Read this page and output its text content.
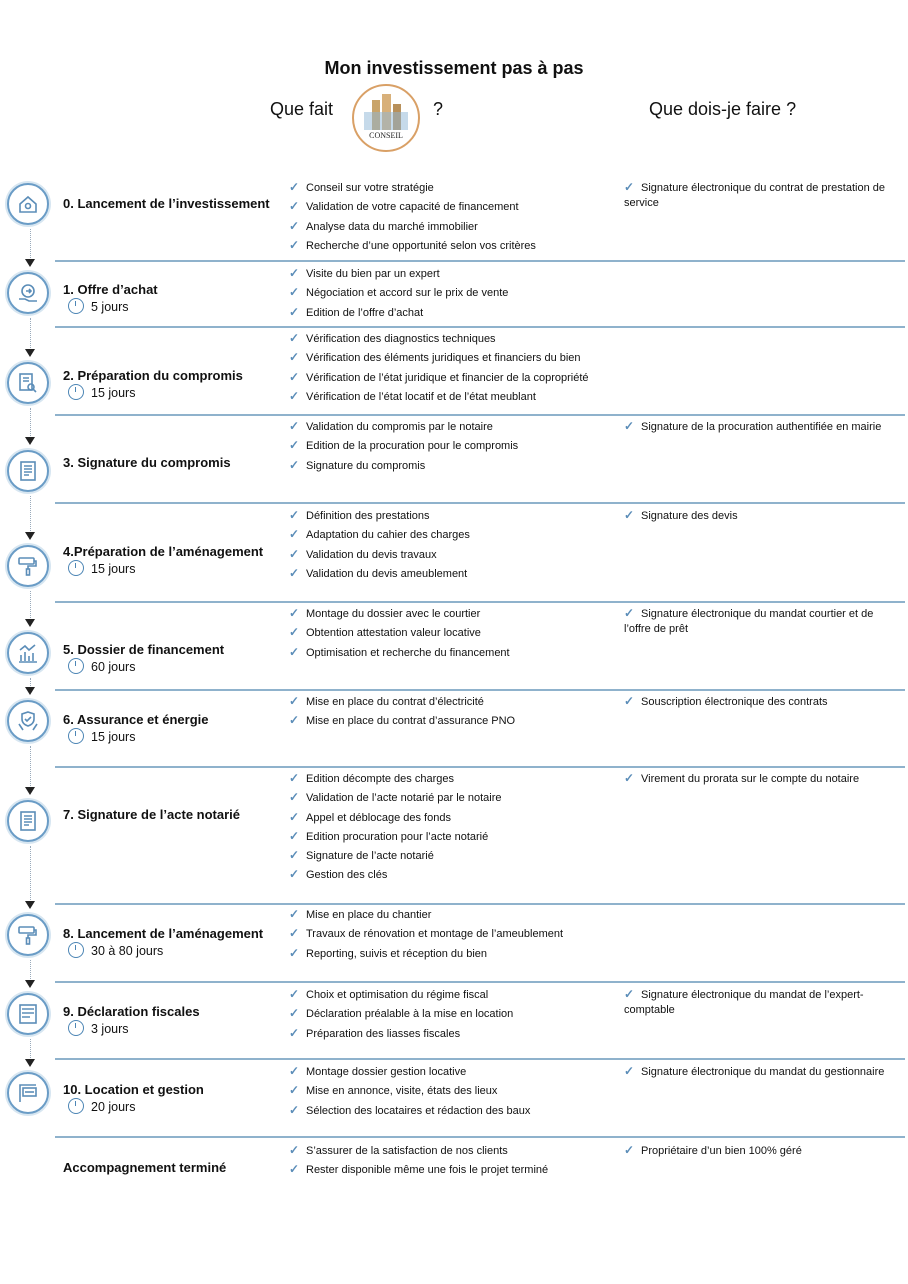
Mon investissement pas à pas
Que fait
CONSEIL
?	Que dois-je faire ?
0. Lancement de l’investissement
✓ Conseil sur votre stratégie
✓ Validation de votre capacité de financement
✓ Analyse data du marché immobilier
✓ Recherche d’une opportunité selon vos critères
✓ Signature électronique du contrat de prestation de service
1. Offre d’achat
5 jours
✓ Visite du bien par un expert
✓ Négociation et accord sur le prix de vente
✓ Edition de l’offre d’achat
2. Préparation du compromis
15 jours
✓ Vérification des diagnostics techniques
✓ Vérification des éléments juridiques et financiers du bien
✓ Vérification de l’état juridique et financier de la copropriété
✓ Vérification de l’état locatif et de l’état meublant
3. Signature du compromis
✓ Validation du compromis par le notaire
✓ Edition de la procuration pour le compromis
✓ Signature du compromis
✓ Signature de la procuration authentifiée en mairie
4.Préparation de l’aménagement
15 jours
✓ Définition des prestations
✓ Adaptation du cahier des charges
✓ Validation du devis travaux
✓ Validation du devis ameublement
✓ Signature des devis
5. Dossier de financement
60 jours
✓ Montage du dossier avec le courtier
✓ Obtention attestation valeur locative
✓ Optimisation et recherche du financement
✓ Signature électronique du mandat courtier et de l’offre de prêt
6. Assurance et énergie
15 jours
✓ Mise en place du contrat d’électricité
✓ Mise en place du contrat d’assurance PNO
✓ Souscription électronique des contrats
7. Signature de l’acte notarié
✓ Edition décompte des charges
✓ Validation de l’acte notarié par le notaire
✓ Appel et déblocage des fonds
✓ Edition procuration pour l’acte notarié
✓ Signature de l’acte notarié
✓ Gestion des clés
✓ Virement du prorata sur le compte du notaire
8. Lancement de l’aménagement
30 à 80 jours
✓ Mise en place du chantier
✓ Travaux de rénovation et montage de l’ameublement
✓ Reporting, suivis et réception du bien
9. Déclaration fiscales
3 jours
✓ Choix et optimisation du régime fiscal
✓ Déclaration préalable à la mise en location
✓ Préparation des liasses fiscales
✓ Signature électronique du mandat de l’expert-comptable
10. Location et gestion
20 jours
✓ Montage dossier gestion locative
✓ Mise en annonce, visite, états des lieux
✓ Sélection des locataires et rédaction des baux
✓ Signature électronique du mandat du gestionnaire
Accompagnement terminé
✓ S’assurer de la satisfaction de nos clients
✓ Rester disponible même une fois le projet terminé
✓ Propriétaire d’un bien 100% géré
